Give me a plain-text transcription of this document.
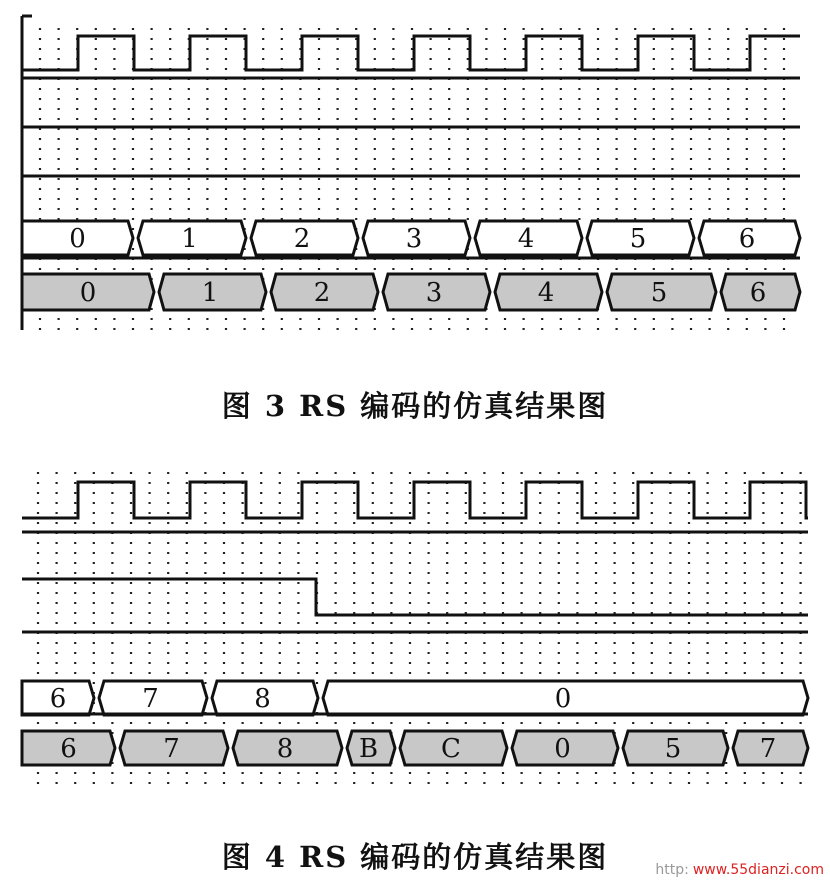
0	1	2	3	4	5	6
0	1	2	3	4	5	6
6	7	8	0
6	7	8	B C	0	5	7
图 3 RS 编码的仿真结果图
图 4 RS 编码的仿真结果图	http: www.55dianzi.com
